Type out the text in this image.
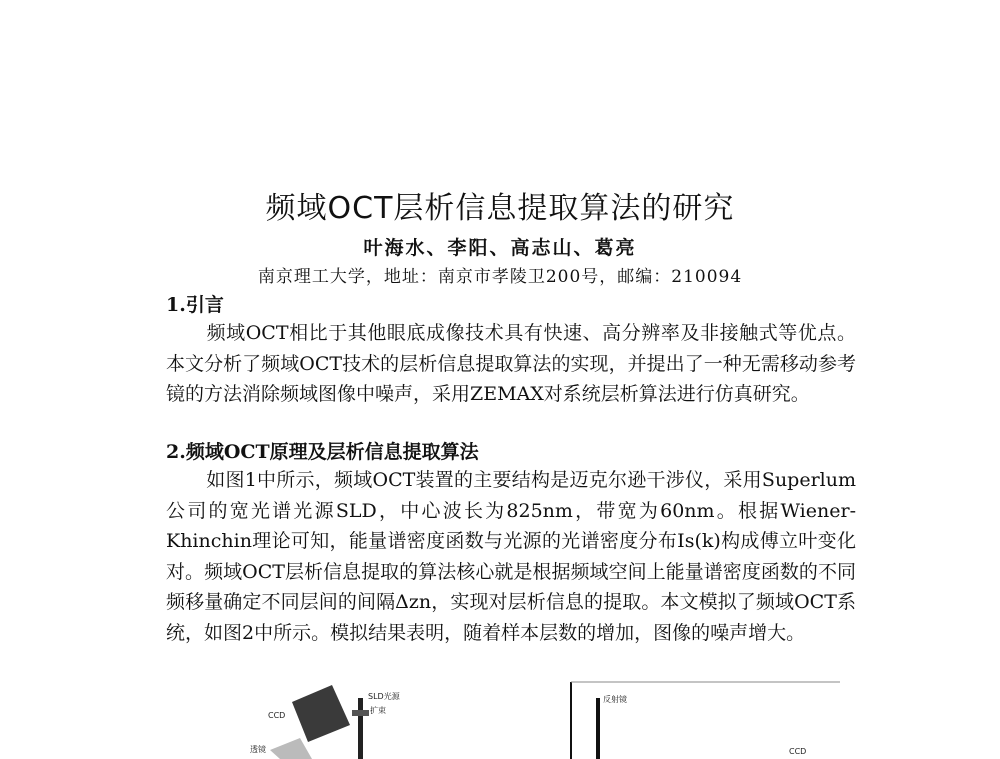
频域OCT层析信息提取算法的研究
叶海水、李阳、高志山、葛亮
南京理工大学，地址：南京市孝陵卫200号，邮编：210094
1.引言
频域OCT相比于其他眼底成像技术具有快速、高分辨率及非接触式等优点。本文分析了频域OCT技术的层析信息提取算法的实现，并提出了一种无需移动参考镜的方法消除频域图像中噪声，采用ZEMAX对系统层析算法进行仿真研究。
2.频域OCT原理及层析信息提取算法
如图1中所示，频域OCT装置的主要结构是迈克尔逊干涉仪，采用Superlum公司的宽光谱光源SLD，中心波长为825nm，带宽为60nm。根据Wiener-Khinchin理论可知，能量谱密度函数与光源的光谱密度分布Is(k)构成傅立叶变化对。频域OCT层析信息提取的算法核心就是根据频域空间上能量谱密度函数的不同频移量确定不同层间的间隔Δzn，实现对层析信息的提取。本文模拟了频域OCT系统，如图2中所示。模拟结果表明，随着样本层数的增加，图像的噪声增大。
CCD
SLD光源
扩束
透镜
反射镜
CCD
